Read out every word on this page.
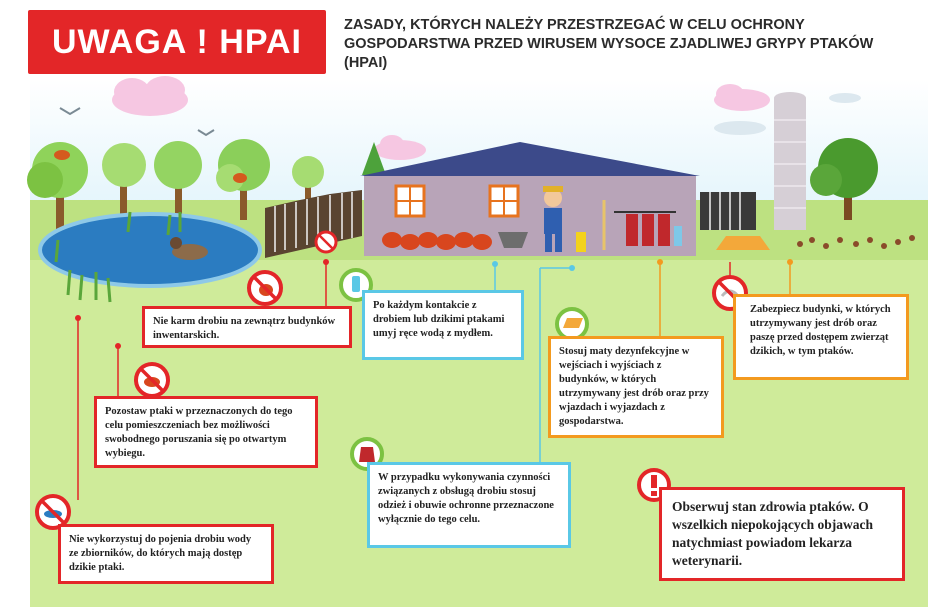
UWAGA ! HPAI	ZASADY, KTÓRYCH NALEŻY PRZESTRZEGAĆ W CELU OCHRONY GOSPODARSTWA PRZED WIRUSEM WYSOCE ZJADLIWEJ GRYPY PTAKÓW (HPAI)
Nie karm drobiu na zewnątrz budynków inwentarskich.
Po każdym kontakcie z drobiem lub dzikimi ptakami umyj ręce wodą z mydłem.
Zabezpiecz budynki, w których utrzymywany jest drób oraz paszę przed dostępem zwierząt dzikich, w tym ptaków.
Stosuj maty dezynfekcyjne w wejściach i wyjściach z budynków, w których utrzymywany jest drób oraz przy wjazdach i wyjazdach z gospodarstwa.
Pozostaw ptaki w przeznaczonych do tego celu pomieszczeniach bez możliwości swobodnego poruszania się po otwartym wybiegu.
W przypadku wykonywania czynności związanych z obsługą drobiu stosuj odzież i obuwie ochronne przeznaczone wyłącznie do tego celu.
Nie wykorzystuj do pojenia drobiu wody ze zbiorników, do których mają dostęp dzikie ptaki.
Obserwuj stan zdrowia ptaków. O wszelkich niepokojących objawach natychmiast powiadom lekarza weterynarii.
